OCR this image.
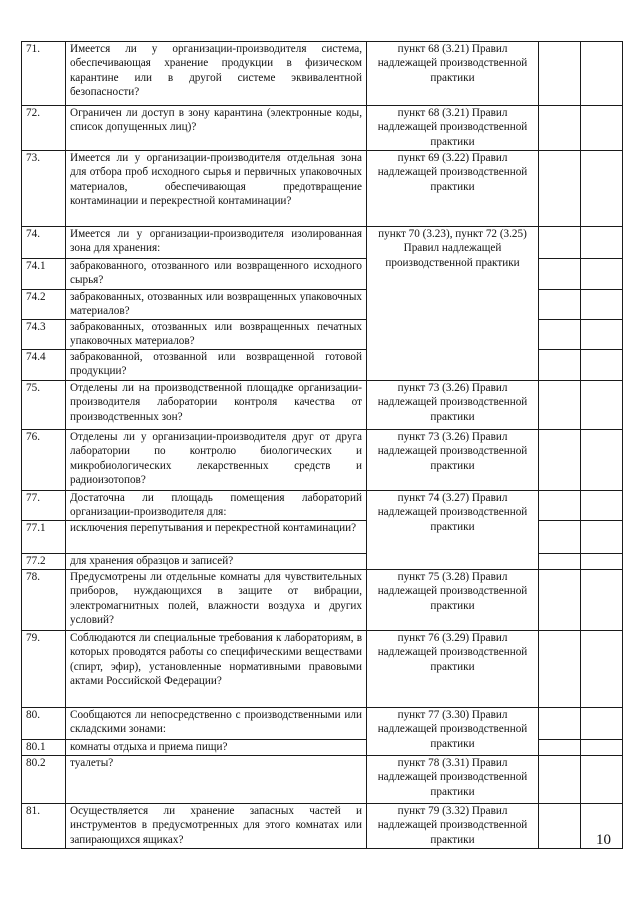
71.	Имеется ли у организации-производителя система, обеспечивающая хранение продукции в физическом карантине или в другой системе эквивалентной безопасности?	пункт 68 (3.21) Правил надлежащей производственной практики		
72.	Ограничен ли доступ в зону карантина (электронные коды, список допущенных лиц)?	пункт 68 (3.21) Правил надлежащей производственной практики		
73.	Имеется ли у организации-производителя отдельная зона для отбора проб исходного сырья и первичных упаковочных материалов, обеспечивающая предотвращение контаминации и перекрестной контаминации?	пункт 69 (3.22) Правил надлежащей производственной практики		
74.	Имеется ли у организации-производителя изолированная зона для хранения:	пункт 70 (3.23), пункт 72 (3.25) Правил надлежащей производственной практики		
74.1	забракованного, отозванного или возвращенного исходного сырья?			
74.2	забракованных, отозванных или возвращенных упаковочных материалов?			
74.3	забракованных, отозванных или возвращенных печатных упаковочных материалов?			
74.4	забракованной, отозванной или возвращенной готовой продукции?			
75.	Отделены ли на производственной площадке организации-производителя лаборатории контроля качества от производственных зон?	пункт 73 (3.26) Правил надлежащей производственной практики		
76.	Отделены ли у организации-производителя друг от друга лаборатории по контролю биологических и микробиологических лекарственных средств и радиоизотопов?	пункт 73 (3.26) Правил надлежащей производственной практики		
77.	Достаточна ли площадь помещения лабораторий организации-производителя для:	пункт 74 (3.27) Правил надлежащей производственной практики		
77.1	исключения перепутывания и перекрестной контаминации?			
77.2	для хранения образцов и записей?			
78.	Предусмотрены ли отдельные комнаты для чувствительных приборов, нуждающихся в защите от вибрации, электромагнитных полей, влажности воздуха и других условий?	пункт 75 (3.28) Правил надлежащей производственной практики		
79.	Соблюдаются ли специальные требования к лабораториям, в которых проводятся работы со специфическими веществами (спирт, эфир), установленные нормативными правовыми актами Российской Федерации?	пункт 76 (3.29) Правил надлежащей производственной практики		
80.	Сообщаются ли непосредственно с производственными или складскими зонами:	пункт 77 (3.30) Правил надлежащей производственной практики		
80.1	комнаты отдыха и приема пищи?			
80.2	туалеты?	пункт 78 (3.31) Правил надлежащей производственной практики		
81.	Осуществляется ли хранение запасных частей и инструментов в предусмотренных для этого комнатах или запирающихся ящиках?	пункт 79 (3.32) Правил надлежащей производственной практики			10
